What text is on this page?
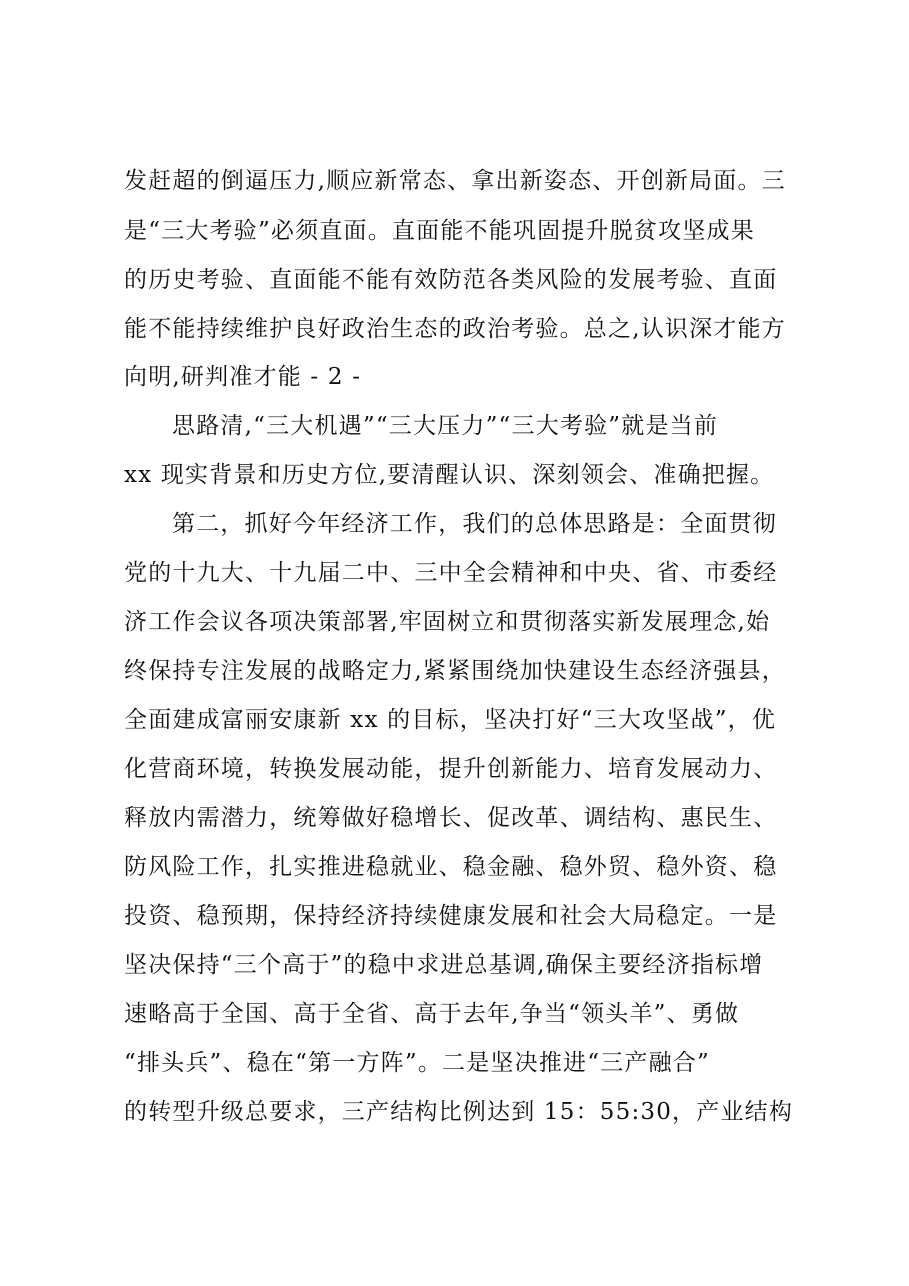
发赶超的倒逼压力,顺应新常态、拿出新姿态、开创新局面。三
是“三大考验”必须直面。直面能不能巩固提升脱贫攻坚成果
的历史考验、直面能不能有效防范各类风险的发展考验、直面
能不能持续维护良好政治生态的政治考验。总之,认识深才能方
向明,研判准才能 - 2 -
思路清,“三大机遇”“三大压力”“三大考验”就是当前
xx 现实背景和历史方位,要清醒认识、深刻领会、准确把握。
第二，抓好今年经济工作，我们的总体思路是：全面贯彻
党的十九大、十九届二中、三中全会精神和中央、省、市委经
济工作会议各项决策部署,牢固树立和贯彻落实新发展理念,始
终保持专注发展的战略定力,紧紧围绕加快建设生态经济强县，
全面建成富丽安康新 xx 的目标，坚决打好“三大攻坚战”，优
化营商环境，转换发展动能，提升创新能力、培育发展动力、
释放内需潜力，统筹做好稳增长、促改革、调结构、惠民生、
防风险工作，扎实推进稳就业、稳金融、稳外贸、稳外资、稳
投资、稳预期，保持经济持续健康发展和社会大局稳定。一是
坚决保持“三个高于”的稳中求进总基调,确保主要经济指标增
速略高于全国、高于全省、高于去年,争当“领头羊”、勇做
“排头兵”、稳在“第一方阵”。二是坚决推进“三产融合”
的转型升级总要求，三产结构比例达到 15：55:30，产业结构
